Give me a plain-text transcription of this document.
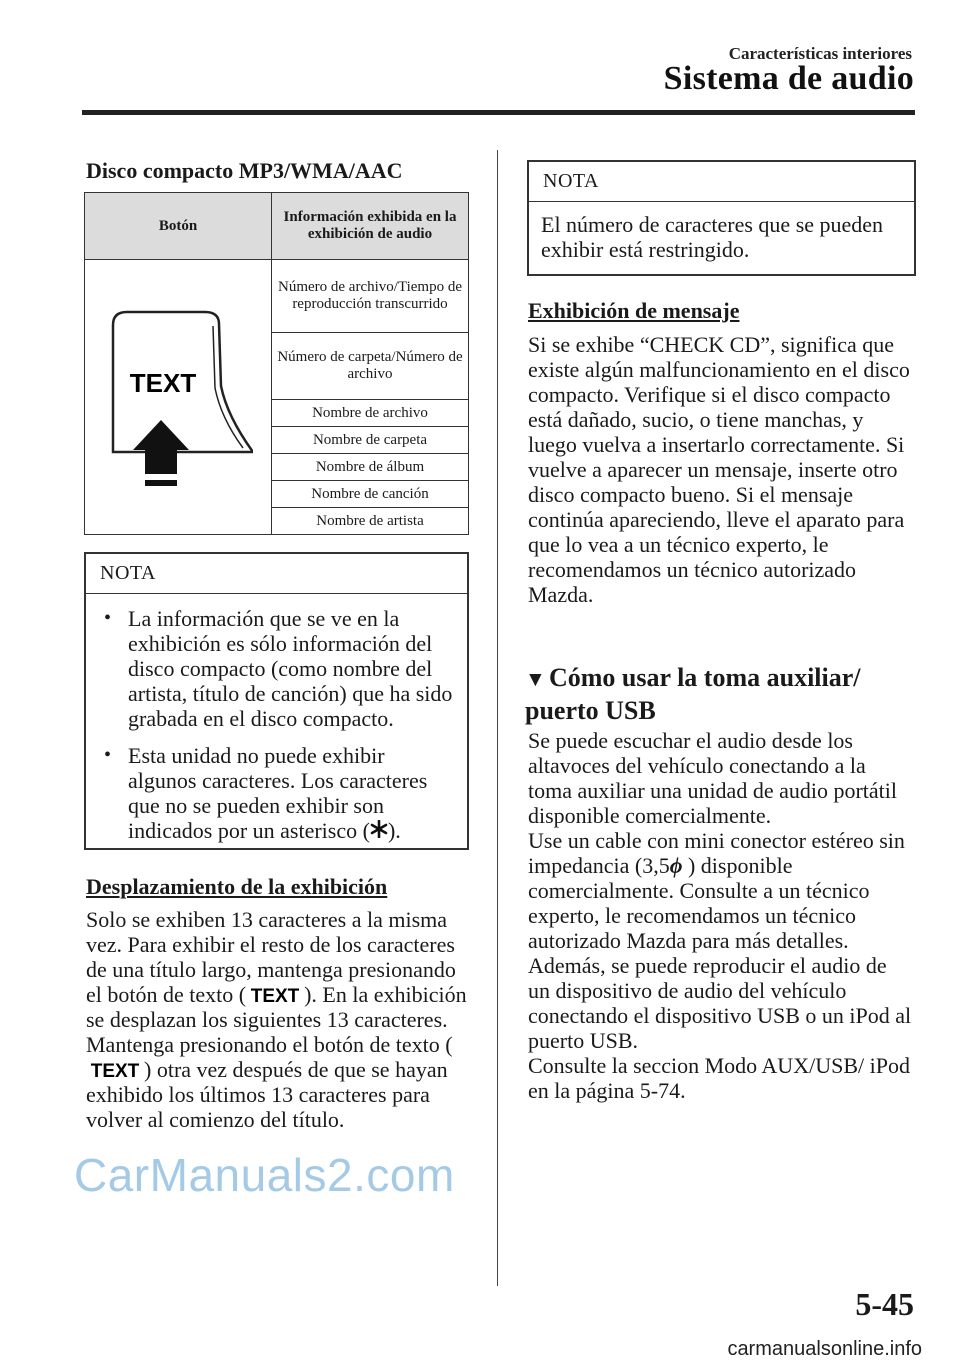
Características interiores
Sistema de audio
Disco compacto MP3/WMA/AAC
Botón	Información exhibida en la exhibición de audio

TEXT	Número de archivo/Tiempo de reproducción transcurrido
	Número de carpeta/Número de archivo
	Nombre de archivo
	Nombre de carpeta
	Nombre de álbum
	Nombre de canción
	Nombre de artista
NOTA
• La información que se ve en la exhibición es sólo información del disco compacto (como nombre del artista, título de canción) que ha sido grabada en el disco compacto.
• Esta unidad no puede exhibir algunos caracteres. Los caracteres que no se pueden exhibir son indicados por un asterisco ( ).
Desplazamiento de la exhibición
Solo se exhiben 13 caracteres a la misma vez. Para exhibir el resto de los caracteres de una título largo, mantenga presionando el botón de texto ( TEXT ). En la exhibición se desplazan los siguientes 13 caracteres. Mantenga presionando el botón de texto (
TEXT ) otra vez después de que se hayan exhibido los últimos 13 caracteres para volver al comienzo del título.
NOTA
El número de caracteres que se pueden exhibir está restringido.
Exhibición de mensaje
Si se exhibe “CHECK CD”, significa que existe algún malfuncionamiento en el disco compacto. Verifique si el disco compacto está dañado, sucio, o tiene manchas, y luego vuelva a insertarlo correctamente. Si vuelve a aparecer un mensaje, inserte otro disco compacto bueno. Si el mensaje continúa apareciendo, lleve el aparato para que lo vea a un técnico experto, le recomendamos un técnico autorizado Mazda.
▼ Cómo usar la toma auxiliar/ puerto USB
Se puede escuchar el audio desde los altavoces del vehículo conectando a la toma auxiliar una unidad de audio portátil disponible comercialmente.
Use un cable con mini conector estéreo sin impedancia (3,5ϕ ) disponible comercialmente. Consulte a un técnico experto, le recomendamos un técnico autorizado Mazda para más detalles.
Además, se puede reproducir el audio de un dispositivo de audio del vehículo conectando el dispositivo USB o un iPod al puerto USB.
Consulte la seccion Modo AUX/USB/ iPod en la página 5-74.
CarManuals2.com
5-45
carmanualsonline.info
